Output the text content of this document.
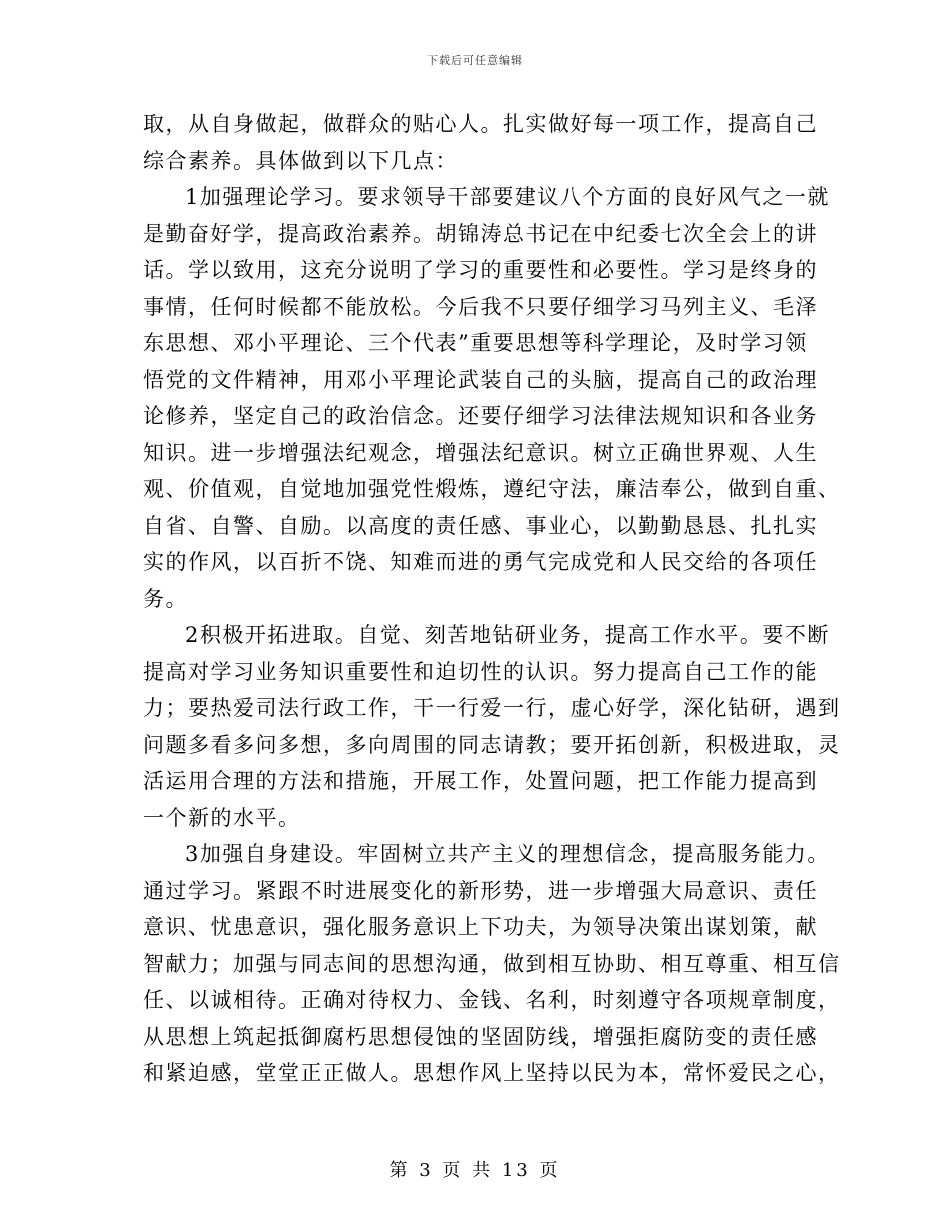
下载后可任意编辑
取，从自身做起，做群众的贴心人。扎实做好每一项工作，提高自己
综合素养。具体做到以下几点：
1加强理论学习。要求领导干部要建议八个方面的良好风气之一就
是勤奋好学，提高政治素养。胡锦涛总书记在中纪委七次全会上的讲
话。学以致用，这充分说明了学习的重要性和必要性。学习是终身的
事情，任何时候都不能放松。今后我不只要仔细学习马列主义、毛泽
东思想、邓小平理论、三个代表”重要思想等科学理论，及时学习领
悟党的文件精神，用邓小平理论武装自己的头脑，提高自己的政治理
论修养，坚定自己的政治信念。还要仔细学习法律法规知识和各业务
知识。进一步增强法纪观念，增强法纪意识。树立正确世界观、人生
观、价值观，自觉地加强党性煅炼，遵纪守法，廉洁奉公，做到自重、
自省、自警、自励。以高度的责任感、事业心，以勤勤恳恳、扎扎实
实的作风，以百折不饶、知难而进的勇气完成党和人民交给的各项任
务。
2积极开拓进取。自觉、刻苦地钻研业务，提高工作水平。要不断
提高对学习业务知识重要性和迫切性的认识。努力提高自己工作的能
力；要热爱司法行政工作，干一行爱一行，虚心好学，深化钻研，遇到
问题多看多问多想，多向周围的同志请教；要开拓创新，积极进取，灵
活运用合理的方法和措施，开展工作，处置问题，把工作能力提高到
一个新的水平。
3加强自身建设。牢固树立共产主义的理想信念，提高服务能力。
通过学习。紧跟不时进展变化的新形势，进一步增强大局意识、责任
意识、忧患意识，强化服务意识上下功夫，为领导决策出谋划策，献
智献力；加强与同志间的思想沟通，做到相互协助、相互尊重、相互信
任、以诚相待。正确对待权力、金钱、名利，时刻遵守各项规章制度，
从思想上筑起抵御腐朽思想侵蚀的坚固防线，增强拒腐防变的责任感
和紧迫感，堂堂正正做人。思想作风上坚持以民为本，常怀爱民之心，
第 3 页 共 13 页
